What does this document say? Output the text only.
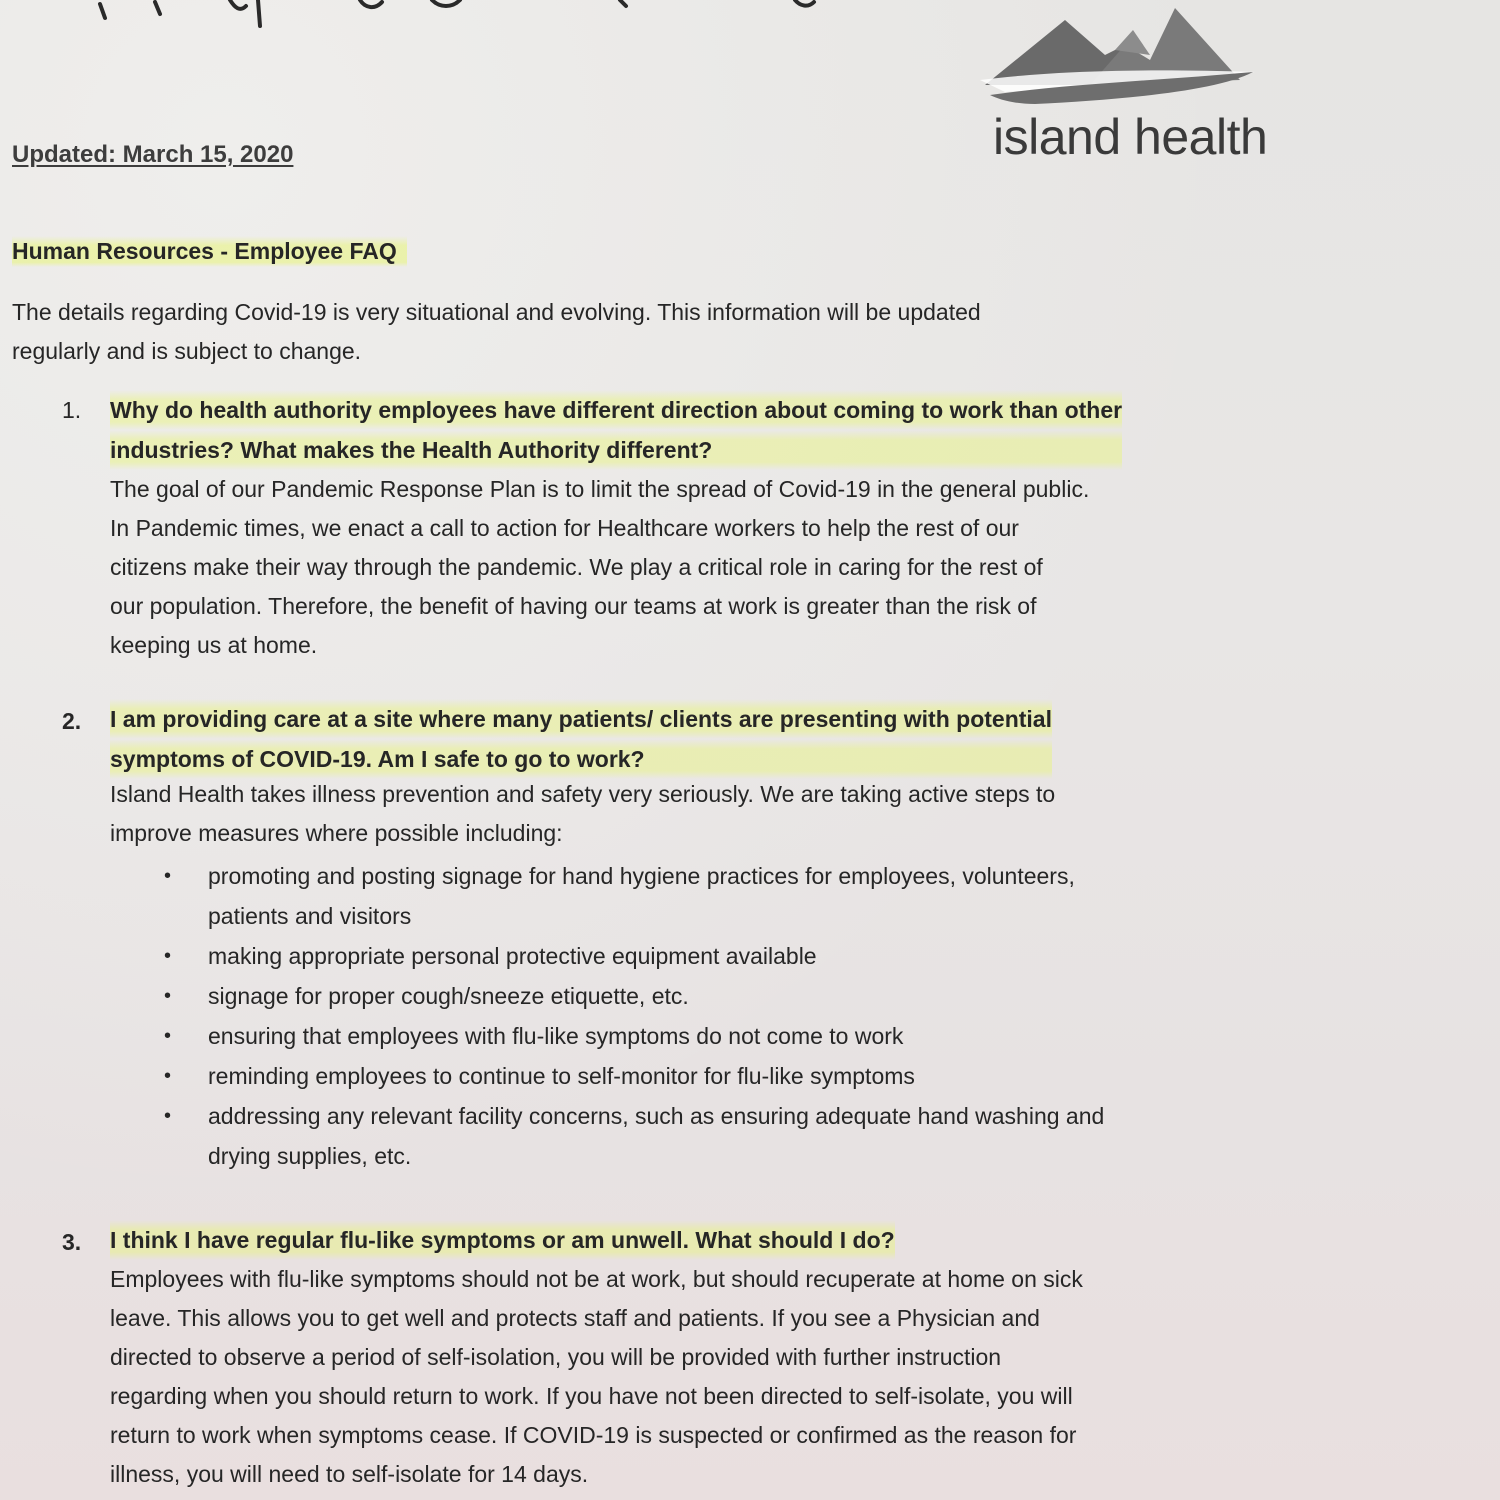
island health
Updated: March 15, 2020
Human Resources - Employee FAQ
The details regarding Covid-19 is very situational and evolving. This information will be updated
regularly and is subject to change.
1. Why do health authority employees have different direction about coming to work than other
industries? What makes the Health Authority different?
The goal of our Pandemic Response Plan is to limit the spread of Covid-19 in the general public.
In Pandemic times, we enact a call to action for Healthcare workers to help the rest of our
citizens make their way through the pandemic. We play a critical role in caring for the rest of
our population. Therefore, the benefit of having our teams at work is greater than the risk of
keeping us at home.
2. I am providing care at a site where many patients/ clients are presenting with potential
symptoms of COVID-19. Am I safe to go to work?
Island Health takes illness prevention and safety very seriously. We are taking active steps to
improve measures where possible including:
• promoting and posting signage for hand hygiene practices for employees, volunteers,
patients and visitors
• making appropriate personal protective equipment available
• signage for proper cough/sneeze etiquette, etc.
• ensuring that employees with flu-like symptoms do not come to work
• reminding employees to continue to self-monitor for flu-like symptoms
• addressing any relevant facility concerns, such as ensuring adequate hand washing and
drying supplies, etc.
3. I think I have regular flu-like symptoms or am unwell. What should I do?
Employees with flu-like symptoms should not be at work, but should recuperate at home on sick
leave. This allows you to get well and protects staff and patients. If you see a Physician and
directed to observe a period of self-isolation, you will be provided with further instruction
regarding when you should return to work. If you have not been directed to self-isolate, you will
return to work when symptoms cease. If COVID-19 is suspected or confirmed as the reason for
illness, you will need to self-isolate for 14 days.
